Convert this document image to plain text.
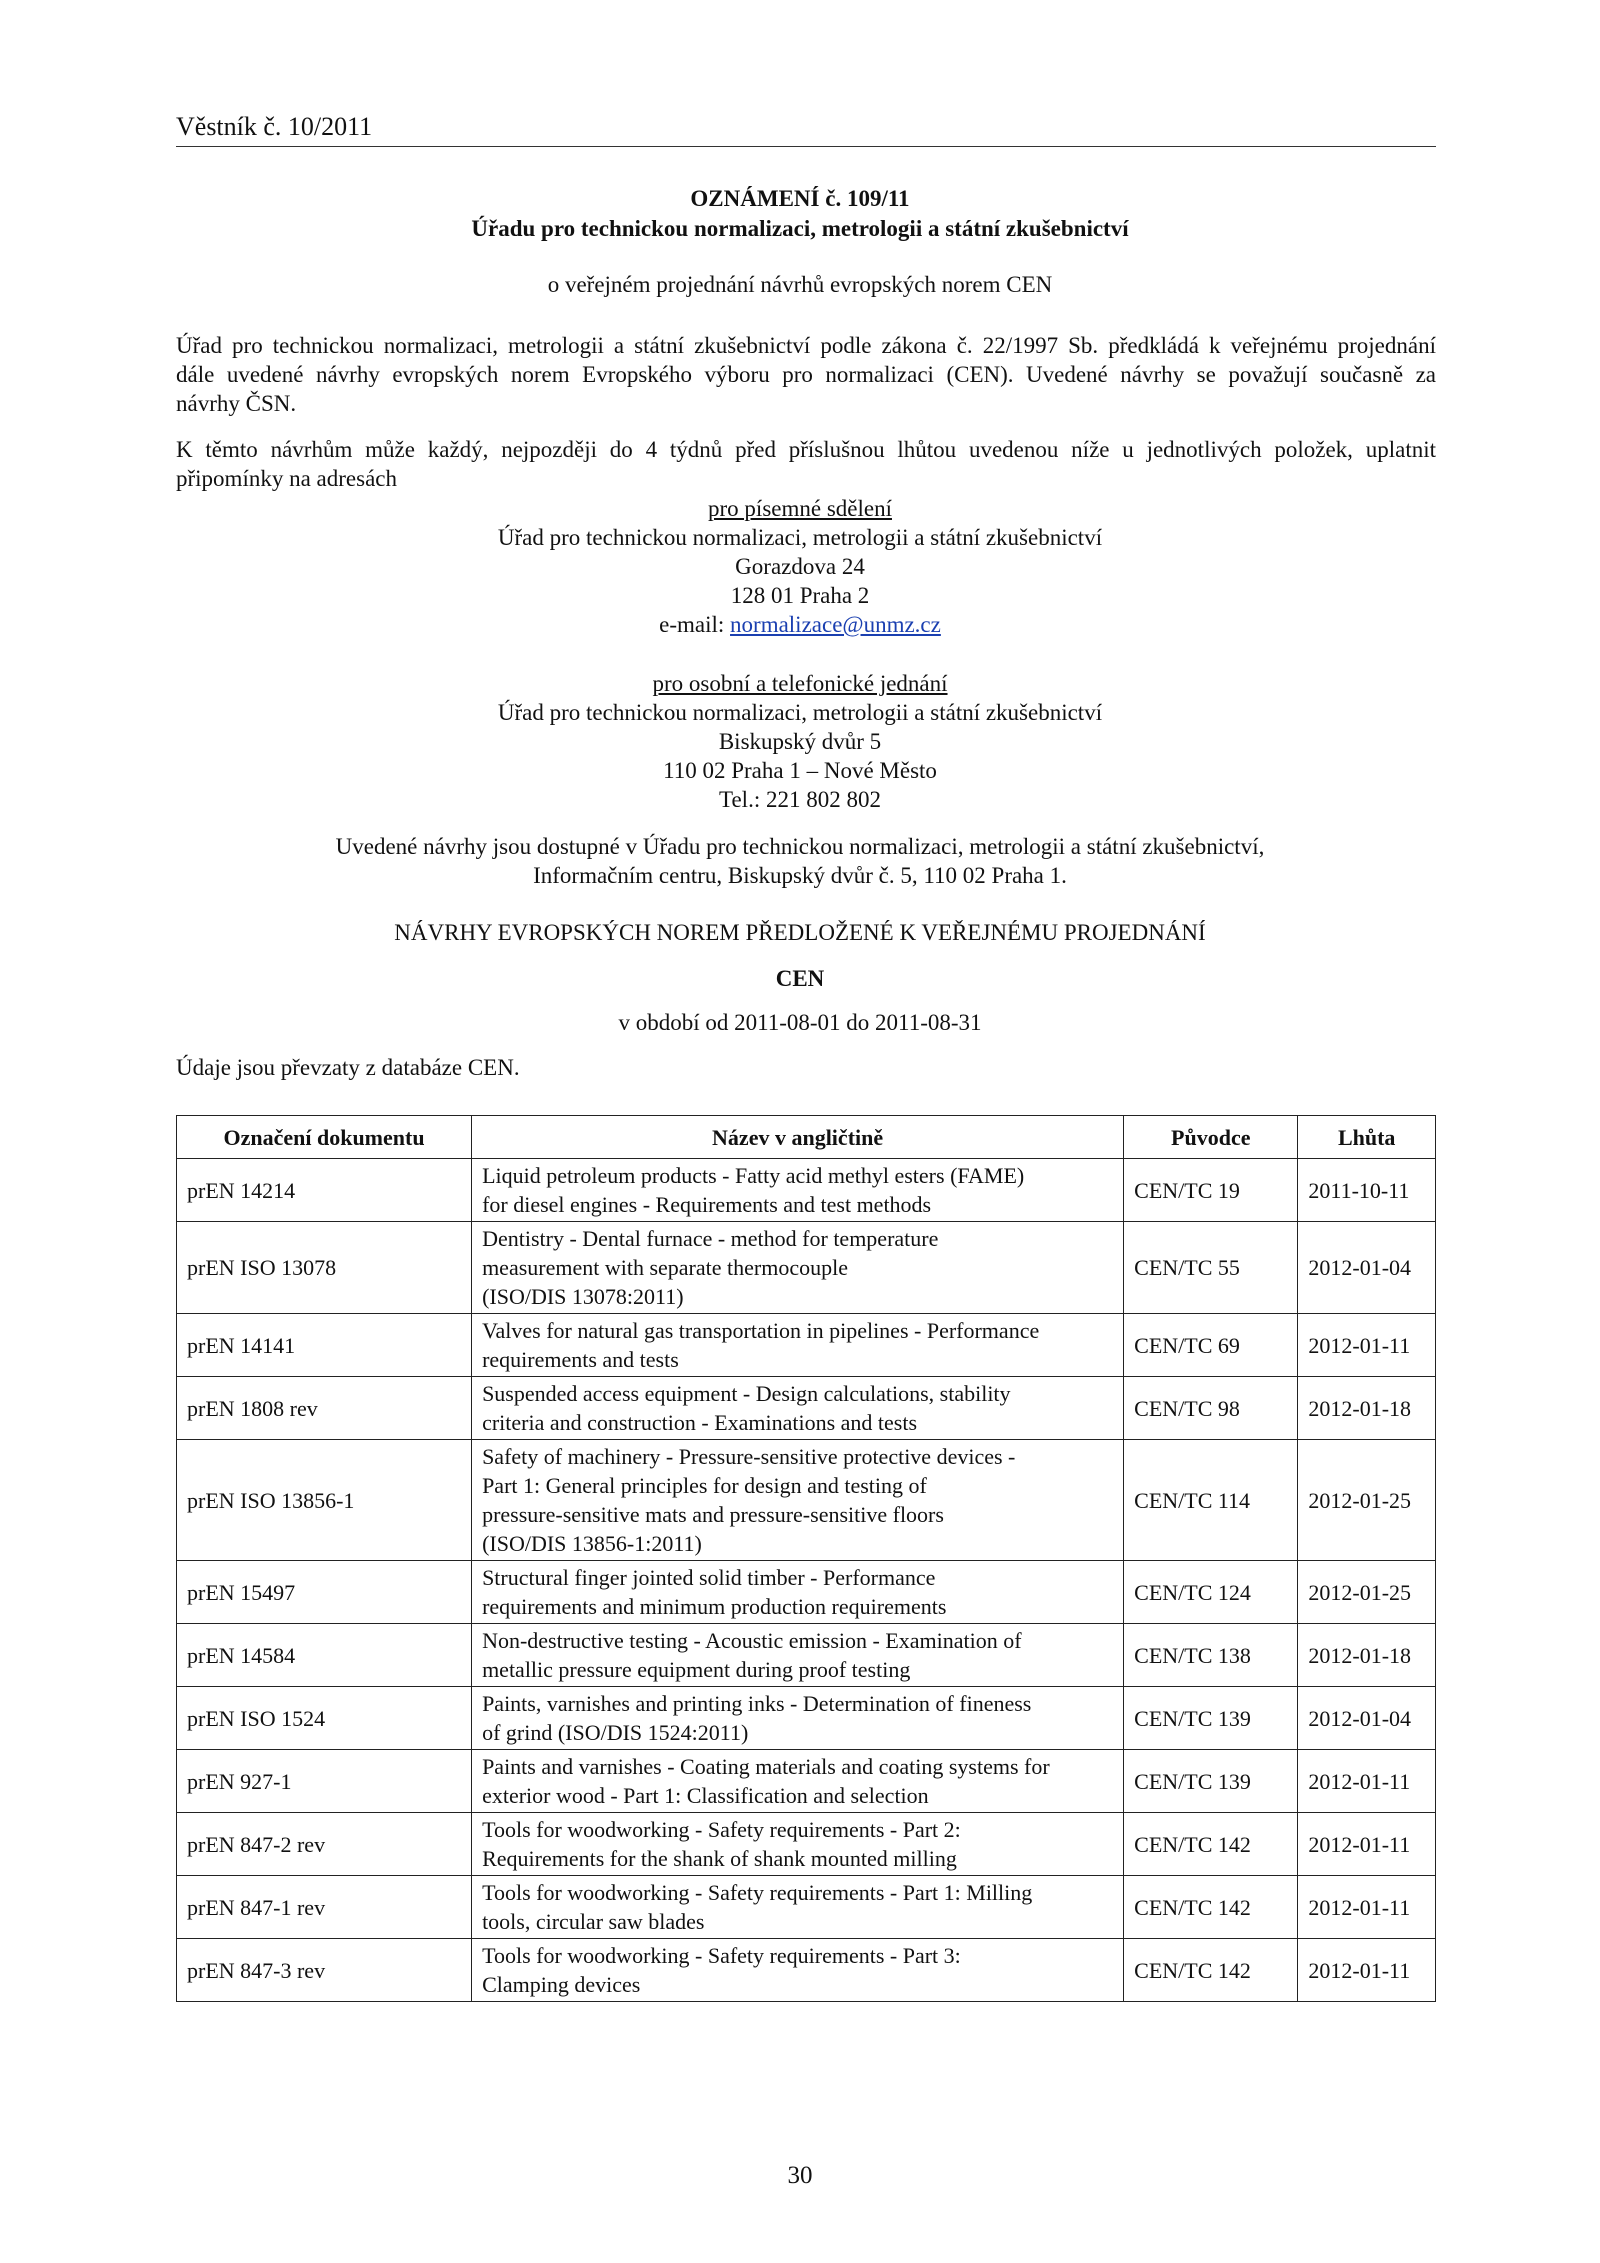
Věstník č. 10/2011
OZNÁMENÍ č. 109/11
Úřadu pro technickou normalizaci, metrologii a státní zkušebnictví
o veřejném projednání návrhů evropských norem CEN
Úřad pro technickou normalizaci, metrologii a státní zkušebnictví podle zákona č. 22/1997 Sb. předkládá k veřejnému projednání
dále uvedené návrhy evropských norem Evropského výboru pro normalizaci (CEN). Uvedené návrhy se považují současně za
návrhy ČSN.
K těmto návrhům může každý, nejpozději do 4 týdnů před příslušnou lhůtou uvedenou níže u jednotlivých položek, uplatnit
připomínky na adresách
pro písemné sdělení
Úřad pro technickou normalizaci, metrologii a státní zkušebnictví
Gorazdova 24
128 01 Praha 2
e-mail: normalizace@unmz.cz
pro osobní a telefonické jednání
Úřad pro technickou normalizaci, metrologii a státní zkušebnictví
Biskupský dvůr 5
110 02 Praha 1 – Nové Město
Tel.: 221 802 802
Uvedené návrhy jsou dostupné v Úřadu pro technickou normalizaci, metrologii a státní zkušebnictví,
Informačním centru, Biskupský dvůr č. 5, 110 02 Praha 1.
NÁVRHY EVROPSKÝCH NOREM PŘEDLOŽENÉ K VEŘEJNÉMU PROJEDNÁNÍ
CEN
v období od 2011-08-01 do 2011-08-31
Údaje jsou převzaty z databáze CEN.
Označení dokumentu	Název v angličtině	Původce	Lhůta
prEN 14214	Liquid petroleum products - Fatty acid methyl esters (FAME)
for diesel engines - Requirements and test methods	CEN/TC 19	2011-10-11
prEN ISO 13078	Dentistry - Dental furnace - method for temperature
measurement with separate thermocouple
(ISO/DIS 13078:2011)	CEN/TC 55	2012-01-04
prEN 14141	Valves for natural gas transportation in pipelines - Performance
requirements and tests	CEN/TC 69	2012-01-11
prEN 1808 rev	Suspended access equipment - Design calculations, stability
criteria and construction - Examinations and tests	CEN/TC 98	2012-01-18
prEN ISO 13856-1	Safety of machinery - Pressure-sensitive protective devices -
Part 1: General principles for design and testing of
pressure-sensitive mats and pressure-sensitive floors
(ISO/DIS 13856-1:2011)	CEN/TC 114	2012-01-25
prEN 15497	Structural finger jointed solid timber - Performance
requirements and minimum production requirements	CEN/TC 124	2012-01-25
prEN 14584	Non-destructive testing - Acoustic emission - Examination of
metallic pressure equipment during proof testing	CEN/TC 138	2012-01-18
prEN ISO 1524	Paints, varnishes and printing inks - Determination of fineness
of grind (ISO/DIS 1524:2011)	CEN/TC 139	2012-01-04
prEN 927-1	Paints and varnishes - Coating materials and coating systems for
exterior wood - Part 1: Classification and selection	CEN/TC 139	2012-01-11
prEN 847-2 rev	Tools for woodworking - Safety requirements - Part 2:
Requirements for the shank of shank mounted milling	CEN/TC 142	2012-01-11
prEN 847-1 rev	Tools for woodworking - Safety requirements - Part 1: Milling
tools, circular saw blades	CEN/TC 142	2012-01-11
prEN 847-3 rev	Tools for woodworking - Safety requirements - Part 3:
Clamping devices	CEN/TC 142	2012-01-11
30
